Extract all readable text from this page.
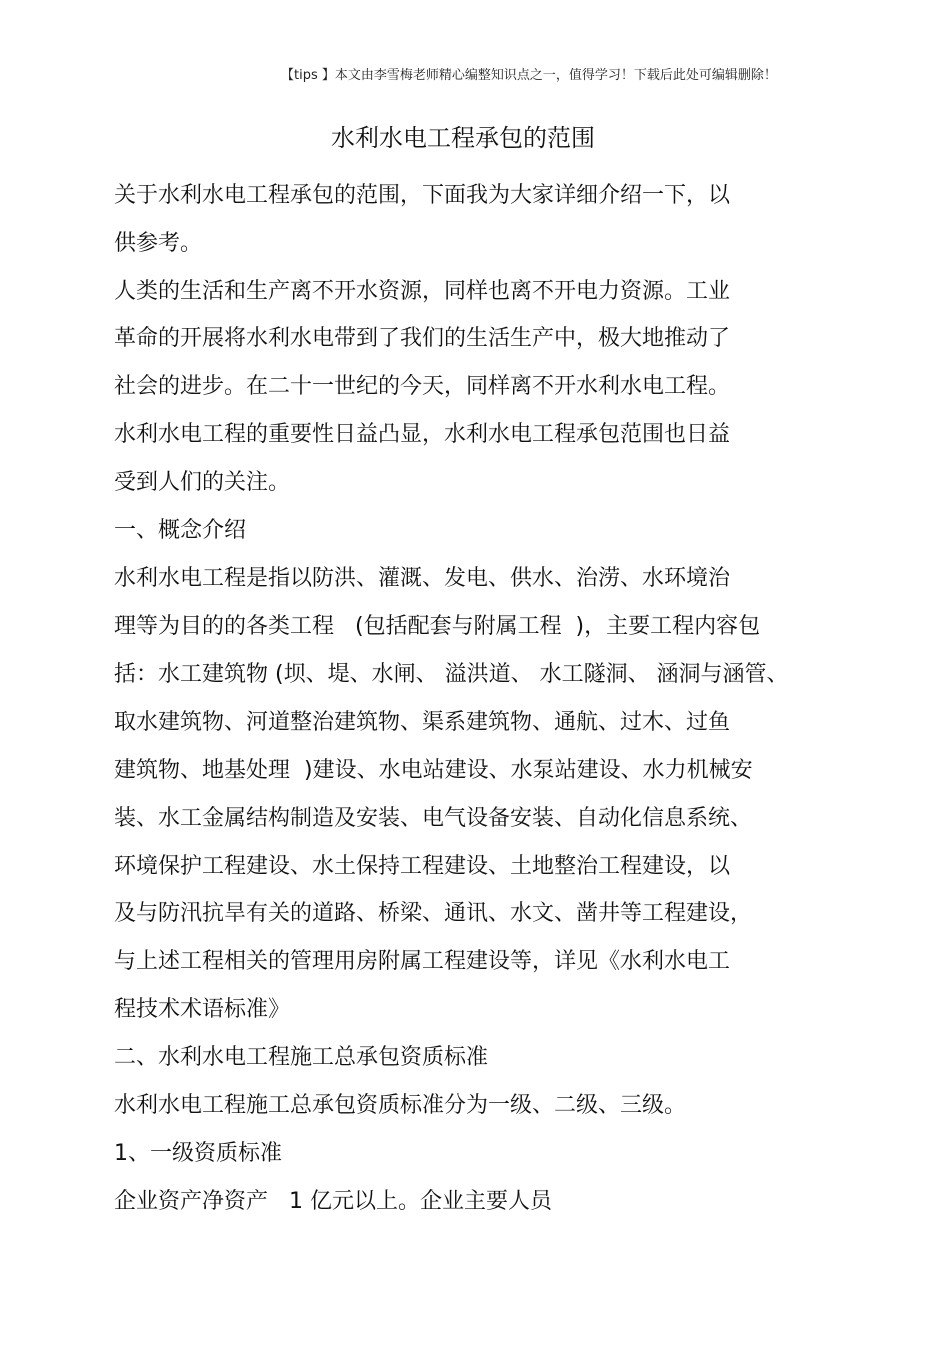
【tips 】本文由李雪梅老师精心编整知识点之一，值得学习！下载后此处可编辑删除！
水利水电工程承包的范围
关于水利水电工程承包的范围，下面我为大家详细介绍一下，以
供参考。
人类的生活和生产离不开水资源，同样也离不开电力资源。工业
革命的开展将水利水电带到了我们的生活生产中，极大地推动了
社会的进步。在二十一世纪的今天，同样离不开水利水电工程。
水利水电工程的重要性日益凸显，水利水电工程承包范围也日益
受到人们的关注。
一、概念介绍
水利水电工程是指以防洪、灌溉、发电、供水、治涝、水环境治
理等为目的的各类工程   (包括配套与附属工程  )，主要工程内容包
括：水工建筑物 (坝、堤、水闸、 溢洪道、 水工隧洞、 涵洞与涵管、
取水建筑物、河道整治建筑物、渠系建筑物、通航、过木、过鱼
建筑物、地基处理  )建设、水电站建设、水泵站建设、水力机械安
装、水工金属结构制造及安装、电气设备安装、自动化信息系统、
环境保护工程建设、水土保持工程建设、土地整治工程建设，以
及与防汛抗旱有关的道路、桥梁、通讯、水文、凿井等工程建设，
与上述工程相关的管理用房附属工程建设等，详见《水利水电工
程技术术语标准》
二、水利水电工程施工总承包资质标准
水利水电工程施工总承包资质标准分为一级、二级、三级。
1、一级资质标准
企业资产净资产   1 亿元以上。企业主要人员
